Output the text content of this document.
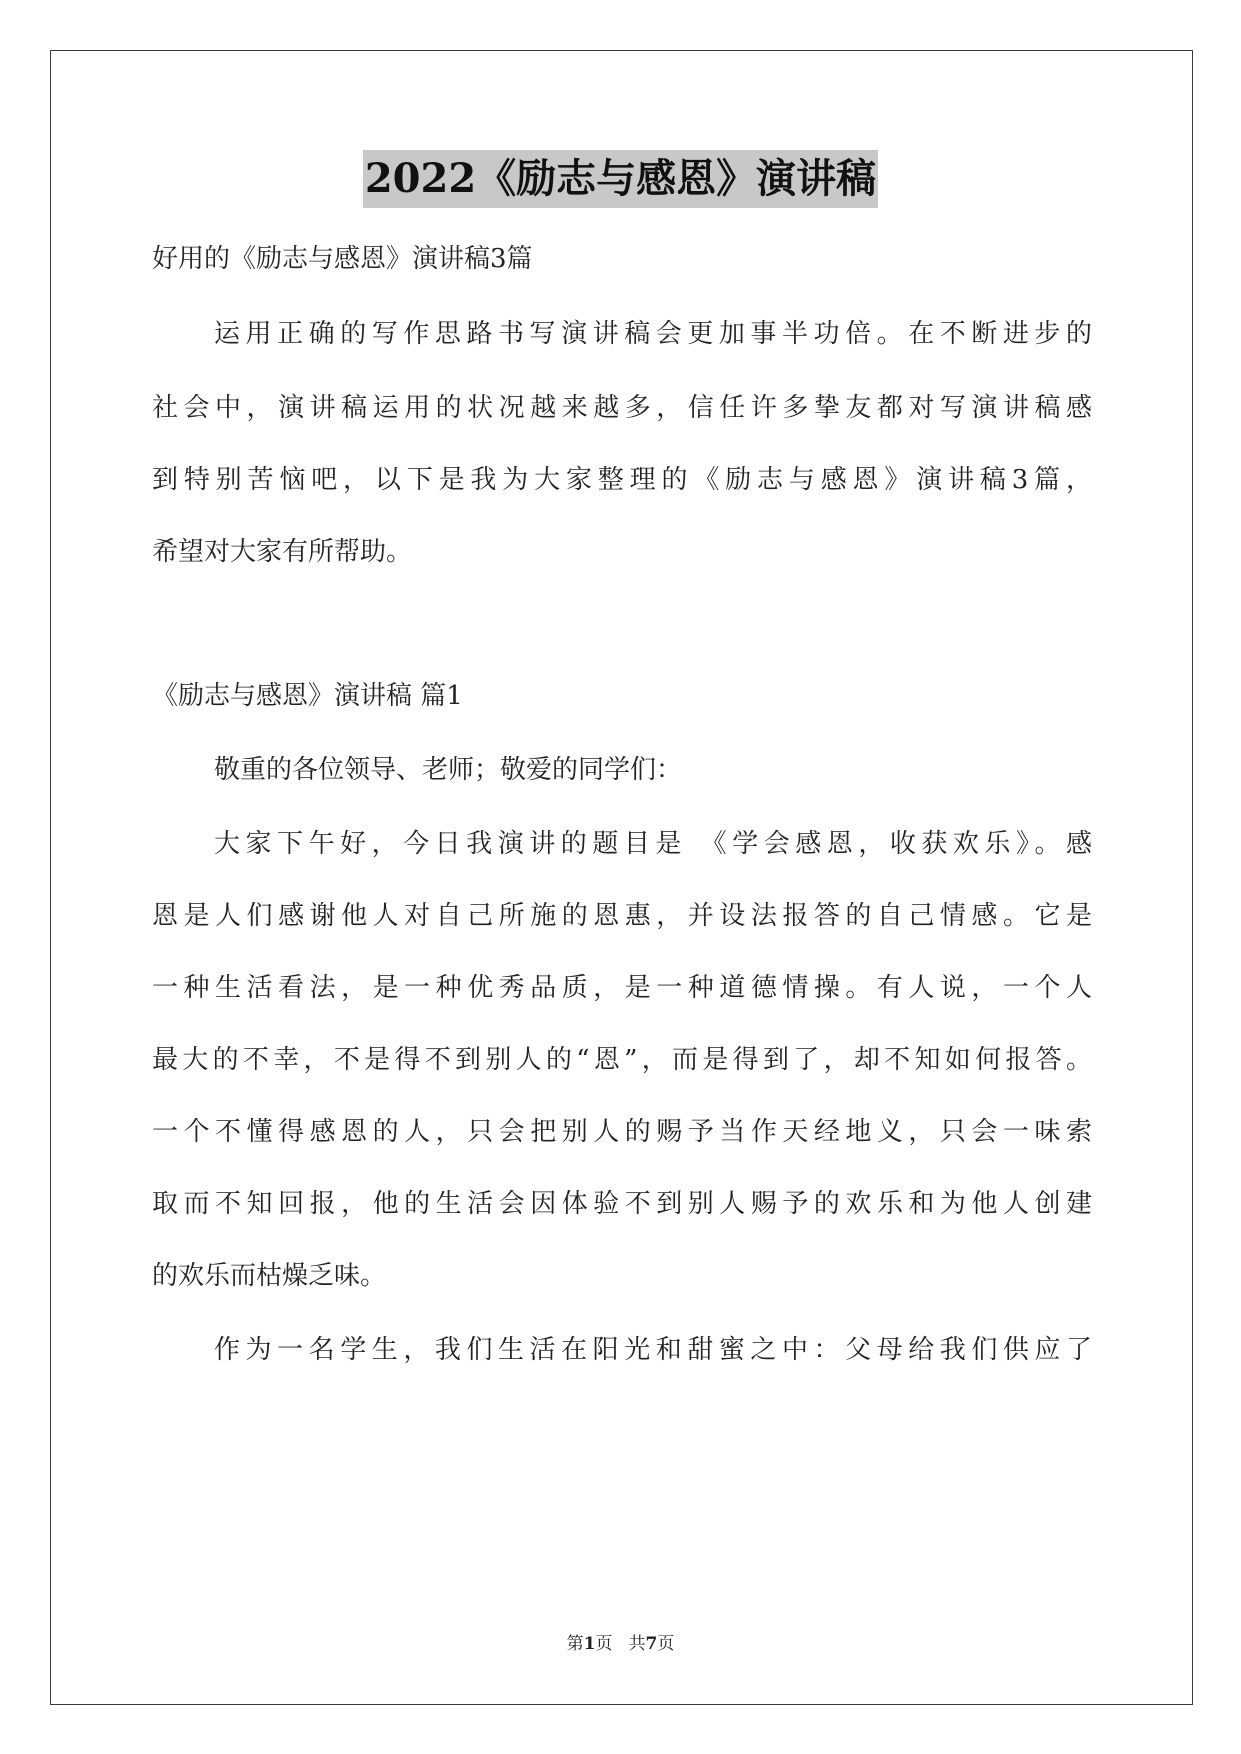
2022《励志与感恩》演讲稿
好用的《励志与感恩》演讲稿3篇
运用正确的写作思路书写演讲稿会更加事半功倍。在不断进步的
社会中，演讲稿运用的状况越来越多，信任许多挚友都对写演讲稿感
到特别苦恼吧，以下是我为大家整理的《励志与感恩》演讲稿3篇，
希望对大家有所帮助。
《励志与感恩》演讲稿 篇1
敬重的各位领导、老师；敬爱的同学们：
大家下午好，今日我演讲的题目是 《学会感恩，收获欢乐》。感
恩是人们感谢他人对自己所施的恩惠，并设法报答的自己情感。它是
一种生活看法，是一种优秀品质，是一种道德情操。有人说，一个人
最大的不幸，不是得不到别人的“恩”，而是得到了，却不知如何报答。
一个不懂得感恩的人，只会把别人的赐予当作天经地义，只会一味索
取而不知回报，他的生活会因体验不到别人赐予的欢乐和为他人创建
的欢乐而枯燥乏味。
作为一名学生，我们生活在阳光和甜蜜之中：父母给我们供应了
第1页 共7页
